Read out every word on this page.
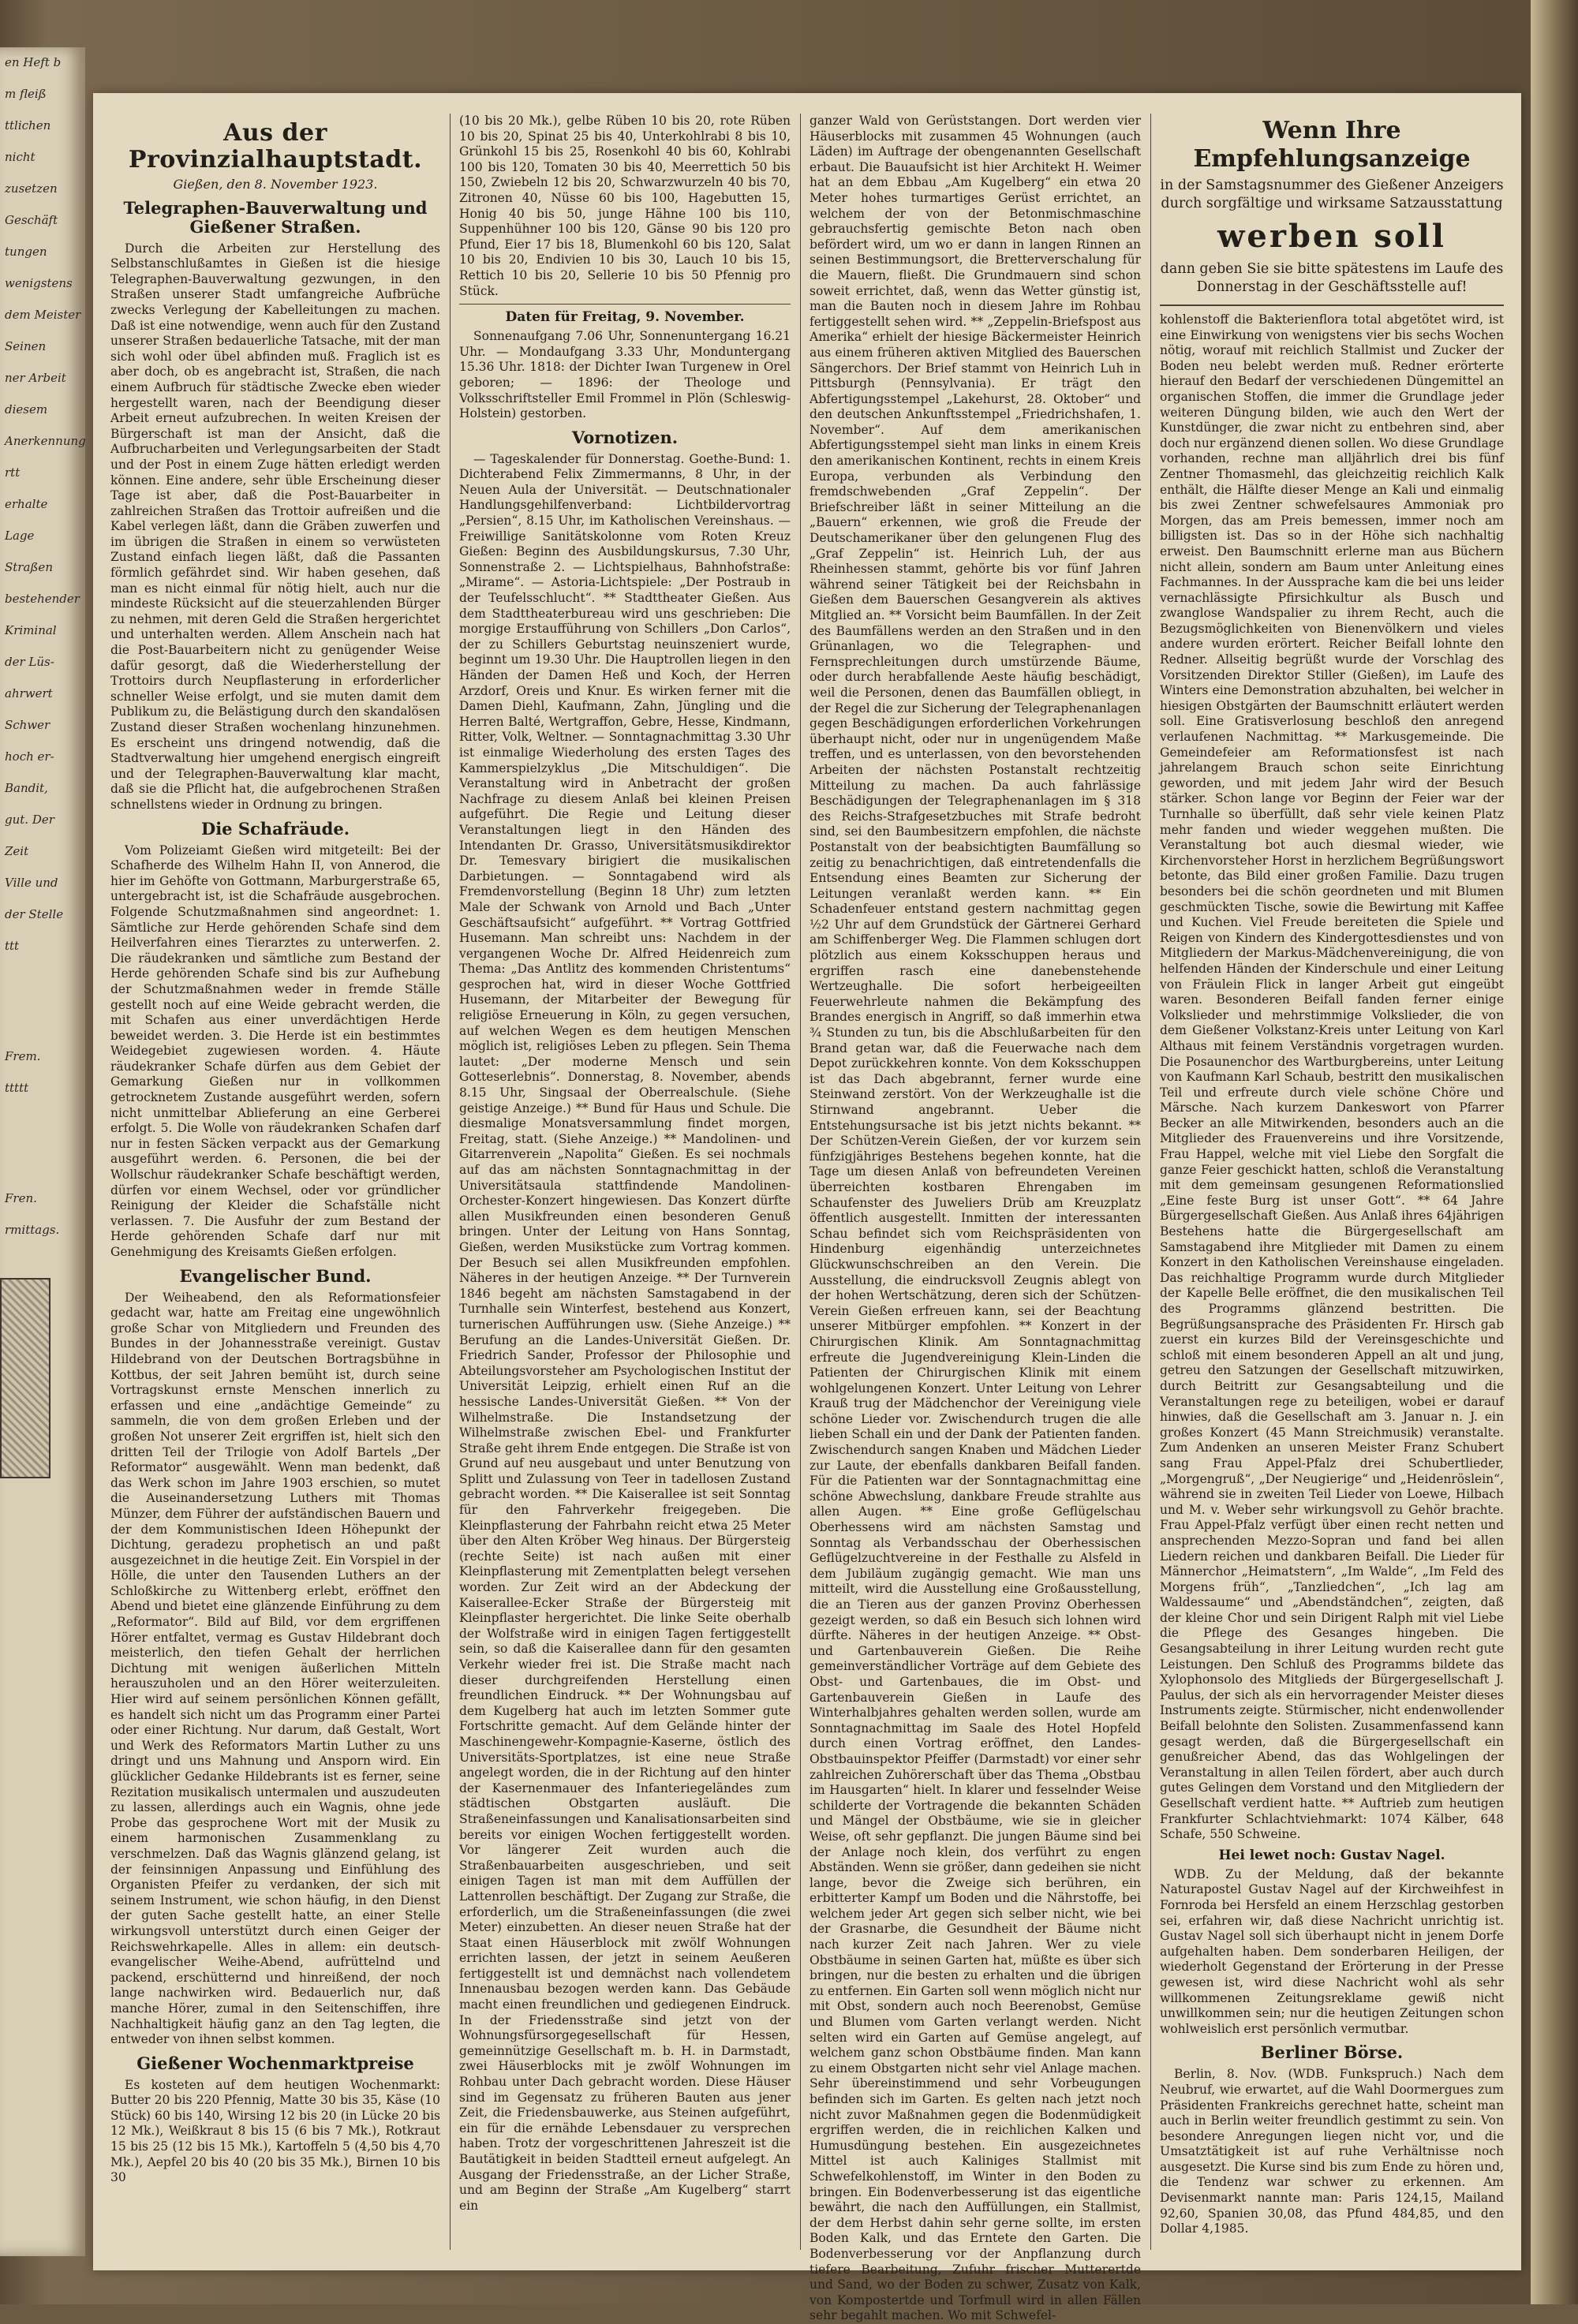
en Heft b
m fleiß
ttlichen
nicht
zusetzen
Geschäft
tungen
wenigstens
dem Meister
Seinen
ner Arbeit
diesem
Anerkennung
rtt
erhalte
Lage
Straßen
bestehender
Kriminal
der Lüs-
ahrwert
Schwer
hoch er-
Bandit,
gut. Der
Zeit
Ville und
der Stelle
ttt
Frem.
ttttt
Fren.
rmittags.
Aus der Provinzialhauptstadt.
Gießen, den 8. November 1923.
Telegraphen-Bauverwaltung und Gießener Straßen.

Durch die Arbeiten zur Herstellung des Selbstanschlußamtes in Gießen ist die hiesige Telegraphen-Bauverwaltung gezwungen, in den Straßen unserer Stadt umfangreiche Aufbrüche zwecks Verlegung der Kabelleitungen zu machen. Daß ist eine notwendige, wenn auch für den Zustand unserer Straßen bedauerliche Tatsache, mit der man sich wohl oder übel abfinden muß. Fraglich ist es aber doch, ob es angebracht ist, Straßen, die nach einem Aufbruch für städtische Zwecke eben wieder hergestellt waren, nach der Beendigung dieser Arbeit erneut aufzubrechen. In weiten Kreisen der Bürgerschaft ist man der Ansicht, daß die Aufbrucharbeiten und Verlegungsarbeiten der Stadt und der Post in einem Zuge hätten erledigt werden können. Eine andere, sehr üble Erscheinung dieser Tage ist aber, daß die Post-Bauarbeiter in zahlreichen Straßen das Trottoir aufreißen und die Kabel verlegen läßt, dann die Gräben zuwerfen und im übrigen die Straßen in einem so verwüsteten Zustand einfach liegen läßt, daß die Passanten förmlich gefährdet sind. Wir haben gesehen, daß man es nicht einmal für nötig hielt, auch nur die mindeste Rücksicht auf die steuerzahlenden Bürger zu nehmen, mit deren Geld die Straßen hergerichtet und unterhalten werden. Allem Anschein nach hat die Post-Bauarbeitern nicht zu genügender Weise dafür gesorgt, daß die Wiederherstellung der Trottoirs durch Neupflasterung in erforderlicher schneller Weise erfolgt, und sie muten damit dem Publikum zu, die Belästigung durch den skandalösen Zustand dieser Straßen wochenlang hinzunehmen. Es erscheint uns dringend notwendig, daß die Stadtverwaltung hier umgehend energisch eingreift und der Telegraphen-Bauverwaltung klar macht, daß sie die Pflicht hat, die aufgebrochenen Straßen schnellstens wieder in Ordnung zu bringen.

Die Schafräude.

Vom Polizeiamt Gießen wird mitgeteilt: Bei der Schafherde des Wilhelm Hahn II, von Annerod, die hier im Gehöfte von Gottmann, Marburgerstraße 65, untergebracht ist, ist die Schafräude ausgebrochen. Folgende Schutzmaßnahmen sind angeordnet: 1. Sämtliche zur Herde gehörenden Schafe sind dem Heilverfahren eines Tierarztes zu unterwerfen. 2. Die räudekranken und sämtliche zum Bestand der Herde gehörenden Schafe sind bis zur Aufhebung der Schutzmaßnahmen weder in fremde Ställe gestellt noch auf eine Weide gebracht werden, die mit Schafen aus einer unverdächtigen Herde beweidet werden. 3. Die Herde ist ein bestimmtes Weidegebiet zugewiesen worden. 4. Häute räudekranker Schafe dürfen aus dem Gebiet der Gemarkung Gießen nur in vollkommen getrocknetem Zustande ausgeführt werden, sofern nicht unmittelbar Ablieferung an eine Gerberei erfolgt. 5. Die Wolle von räudekranken Schafen darf nur in festen Säcken verpackt aus der Gemarkung ausgeführt werden. 6. Personen, die bei der Wollschur räudekranker Schafe beschäftigt werden, dürfen vor einem Wechsel, oder vor gründlicher Reinigung der Kleider die Schafställe nicht verlassen. 7. Die Ausfuhr der zum Bestand der Herde gehörenden Schafe darf nur mit Genehmigung des Kreisamts Gießen erfolgen.

Evangelischer Bund.

Der Weiheabend, den als Reformationsfeier gedacht war, hatte am Freitag eine ungewöhnlich große Schar von Mitgliedern und Freunden des Bundes in der Johannesstraße vereinigt. Gustav Hildebrand von der Deutschen Bortragsbühne in Kottbus, der seit Jahren bemüht ist, durch seine Vortragskunst ernste Menschen innerlich zu erfassen und eine „andächtige Gemeinde“ zu sammeln, die von dem großen Erleben und der großen Not unserer Zeit ergriffen ist, hielt sich den dritten Teil der Trilogie von Adolf Bartels „Der Reformator“ ausgewählt. Wenn man bedenkt, daß das Werk schon im Jahre 1903 erschien, so mutet die Auseinandersetzung Luthers mit Thomas Münzer, dem Führer der aufständischen Bauern und der dem Kommunistischen Ideen Höhepunkt der Dichtung, geradezu prophetisch an und paßt ausgezeichnet in die heutige Zeit. Ein Vorspiel in der Hölle, die unter den Tausenden Luthers an der Schloßkirche zu Wittenberg erlebt, eröffnet den Abend und bietet eine glänzende Einführung zu dem „Reformator“. Bild auf Bild, vor dem ergriffenen Hörer entfaltet, vermag es Gustav Hildebrant doch meisterlich, den tiefen Gehalt der herrlichen Dichtung mit wenigen äußerlichen Mitteln herauszuholen und an den Hörer weiterzuleiten. Hier wird auf seinem persönlichen Können gefällt, es handelt sich nicht um das Programm einer Partei oder einer Richtung. Nur darum, daß Gestalt, Wort und Werk des Reformators Martin Luther zu uns dringt und uns Mahnung und Ansporn wird. Ein glücklicher Gedanke Hildebrants ist es ferner, seine Rezitation musikalisch untermalen und auszudeuten zu lassen, allerdings auch ein Wagnis, ohne jede Probe das gesprochene Wort mit der Musik zu einem harmonischen Zusammenklang zu verschmelzen. Daß das Wagnis glänzend gelang, ist der feinsinnigen Anpassung und Einfühlung des Organisten Pfeifer zu verdanken, der sich mit seinem Instrument, wie schon häufig, in den Dienst der guten Sache gestellt hatte, an einer Stelle wirkungsvoll unterstützt durch einen Geiger der Reichswehrkapelle. Alles in allem: ein deutsch-evangelischer Weihe-Abend, aufrüttelnd und packend, erschütternd und hinreißend, der noch lange nachwirken wird. Bedauerlich nur, daß manche Hörer, zumal in den Seitenschiffen, ihre Nachhaltigkeit häufig ganz an den Tag legten, die entweder von ihnen selbst kommen.

Gießener Wochenmarktpreise

Es kosteten auf dem heutigen Wochenmarkt: Butter 20 bis 220 Pfennig, Matte 30 bis 35, Käse (10 Stück) 60 bis 140, Wirsing 12 bis 20 (in Lücke 20 bis 12 Mk.), Weißkraut 8 bis 15 (6 bis 7 Mk.), Rotkraut 15 bis 25 (12 bis 15 Mk.), Kartoffeln 5 (4,50 bis 4,70 Mk.), Aepfel 20 bis 40 (20 bis 35 Mk.), Birnen 10 bis 30

(10 bis 20 Mk.), gelbe Rüben 10 bis 20, rote Rüben 10 bis 20, Spinat 25 bis 40, Unterkohlrabi 8 bis 10, Grünkohl 15 bis 25, Rosenkohl 40 bis 60, Kohlrabi 100 bis 120, Tomaten 30 bis 40, Meerrettich 50 bis 150, Zwiebeln 12 bis 20, Schwarzwurzeln 40 bis 70, Zitronen 40, Nüsse 60 bis 100, Hagebutten 15, Honig 40 bis 50, junge Hähne 100 bis 110, Suppenhühner 100 bis 120, Gänse 90 bis 120 pro Pfund, Eier 17 bis 18, Blumenkohl 60 bis 120, Salat 10 bis 20, Endivien 10 bis 30, Lauch 10 bis 15, Rettich 10 bis 20, Sellerie 10 bis 50 Pfennig pro Stück.

Daten für Freitag, 9. November.

Sonnenaufgang 7.06 Uhr, Sonnenuntergang 16.21 Uhr. — Mondaufgang 3.33 Uhr, Monduntergang 15.36 Uhr. 1818: der Dichter Iwan Turgenew in Orel geboren; — 1896: der Theologe und Volksschriftsteller Emil Frommel in Plön (Schleswig-Holstein) gestorben.

Vornotizen.

— Tageskalender für Donnerstag. Goethe-Bund: 1. Dichterabend Felix Zimmermanns, 8 Uhr, in der Neuen Aula der Universität. — Deutschnationaler Handlungsgehilfenverband: Lichtbildervortrag „Persien“, 8.15 Uhr, im Katholischen Vereinshaus. — Freiwillige Sanitätskolonne vom Roten Kreuz Gießen: Beginn des Ausbildungskursus, 7.30 Uhr, Sonnenstraße 2. — Lichtspielhaus, Bahnhofstraße: „Mirame“. — Astoria-Lichtspiele: „Der Postraub in der Teufelsschlucht“. ** Stadttheater Gießen. Aus dem Stadttheaterbureau wird uns geschrieben: Die morgige Erstaufführung von Schillers „Don Carlos“, der zu Schillers Geburtstag neuinszeniert wurde, beginnt um 19.30 Uhr. Die Hauptrollen liegen in den Händen der Damen Heß und Koch, der Herren Arzdorf, Oreis und Knur. Es wirken ferner mit die Damen Diehl, Kaufmann, Zahn, Jüngling und die Herren Balté, Wertgraffon, Gebre, Hesse, Kindmann, Ritter, Volk, Weltner. — Sonntagnachmittag 3.30 Uhr ist einmalige Wiederholung des ersten Tages des Kammerspielzyklus „Die Mitschuldigen“. Die Veranstaltung wird in Anbetracht der großen Nachfrage zu diesem Anlaß bei kleinen Preisen aufgeführt. Die Regie und Leitung dieser Veranstaltungen liegt in den Händen des Intendanten Dr. Grasso, Universitätsmusikdirektor Dr. Temesvary birigiert die musikalischen Darbietungen. — Sonntagabend wird als Fremdenvorstellung (Beginn 18 Uhr) zum letzten Male der Schwank von Arnold und Bach „Unter Geschäftsaufsicht“ aufgeführt. ** Vortrag Gottfried Husemann. Man schreibt uns: Nachdem in der vergangenen Woche Dr. Alfred Heidenreich zum Thema: „Das Antlitz des kommenden Christentums“ gesprochen hat, wird in dieser Woche Gottfried Husemann, der Mitarbeiter der Bewegung für religiöse Erneuerung in Köln, zu gegen versuchen, auf welchen Wegen es dem heutigen Menschen möglich ist, religiöses Leben zu pflegen. Sein Thema lautet: „Der moderne Mensch und sein Gotteserlebnis“. Donnerstag, 8. November, abends 8.15 Uhr, Singsaal der Oberrealschule. (Siehe geistige Anzeige.) ** Bund für Haus und Schule. Die diesmalige Monatsversammlung findet morgen, Freitag, statt. (Siehe Anzeige.) ** Mandolinen- und Gitarrenverein „Napolita“ Gießen. Es sei nochmals auf das am nächsten Sonntagnachmittag in der Universitätsaula stattfindende Mandolinen-Orchester-Konzert hingewiesen. Das Konzert dürfte allen Musikfreunden einen besonderen Genuß bringen. Unter der Leitung von Hans Sonntag, Gießen, werden Musikstücke zum Vortrag kommen. Der Besuch sei allen Musikfreunden empfohlen. Näheres in der heutigen Anzeige. ** Der Turnverein 1846 begeht am nächsten Samstagabend in der Turnhalle sein Winterfest, bestehend aus Konzert, turnerischen Aufführungen usw. (Siehe Anzeige.) ** Berufung an die Landes-Universität Gießen. Dr. Friedrich Sander, Professor der Philosophie und Abteilungsvorsteher am Psychologischen Institut der Universität Leipzig, erhielt einen Ruf an die hessische Landes-Universität Gießen. ** Von der Wilhelmstraße. Die Instandsetzung der Wilhelmstraße zwischen Ebel- und Frankfurter Straße geht ihrem Ende entgegen. Die Straße ist von Grund auf neu ausgebaut und unter Benutzung von Splitt und Zulassung von Teer in tadellosen Zustand gebracht worden. ** Die Kaiserallee ist seit Sonntag für den Fahrverkehr freigegeben. Die Kleinpflasterung der Fahrbahn reicht etwa 25 Meter über den Alten Kröber Weg hinaus. Der Bürgersteig (rechte Seite) ist nach außen mit einer Kleinpflasterung mit Zementplatten belegt versehen worden. Zur Zeit wird an der Abdeckung der Kaiserallee-Ecker Straße der Bürgersteig mit Kleinpflaster hergerichtet. Die linke Seite oberhalb der Wolfstraße wird in einigen Tagen fertiggestellt sein, so daß die Kaiserallee dann für den gesamten Verkehr wieder frei ist. Die Straße macht nach dieser durchgreifenden Herstellung einen freundlichen Eindruck. ** Der Wohnungsbau auf dem Kugelberg hat auch im letzten Sommer gute Fortschritte gemacht. Auf dem Gelände hinter der Maschinengewehr-Kompagnie-Kaserne, östlich des Universitäts-Sportplatzes, ist eine neue Straße angelegt worden, die in der Richtung auf den hinter der Kasernenmauer des Infanteriegeländes zum städtischen Obstgarten ausläuft. Die Straßeneinfassungen und Kanalisationsarbeiten sind bereits vor einigen Wochen fertiggestellt worden. Vor längerer Zeit wurden auch die Straßenbauarbeiten ausgeschrieben, und seit einigen Tagen ist man mit dem Auffüllen der Lattenrollen beschäftigt. Der Zugang zur Straße, die erforderlich, um die Straßeneinfassungen (die zwei Meter) einzubetten. An dieser neuen Straße hat der Staat einen Häuserblock mit zwölf Wohnungen errichten lassen, der jetzt in seinem Aeußeren fertiggestellt ist und demnächst nach vollendetem Innenausbau bezogen werden kann. Das Gebäude macht einen freundlichen und gediegenen Eindruck. In der Friedensstraße sind jetzt von der Wohnungsfürsorgegesellschaft für Hessen, gemeinnützige Gesellschaft m. b. H. in Darmstadt, zwei Häuserblocks mit je zwölf Wohnungen im Rohbau unter Dach gebracht worden. Diese Häuser sind im Gegensatz zu früheren Bauten aus jener Zeit, die Friedensbauwerke, aus Steinen aufgeführt, ein für die ernähde Lebensdauer zu versprechen haben. Trotz der vorgeschrittenen Jahreszeit ist die Bautätigkeit in beiden Stadtteil erneut aufgelegt. An Ausgang der Friedensstraße, an der Licher Straße, und am Beginn der Straße „Am Kugelberg“ starrt ein

ganzer Wald von Gerüststangen. Dort werden vier Häuserblocks mit zusammen 45 Wohnungen (auch Läden) im Auftrage der obengenannten Gesellschaft erbaut. Die Bauaufsicht ist hier Architekt H. Weimer hat an dem Ebbau „Am Kugelberg“ ein etwa 20 Meter hohes turmartiges Gerüst errichtet, an welchem der von der Betonmischmaschine gebrauchsfertig gemischte Beton nach oben befördert wird, um wo er dann in langen Rinnen an seinen Bestimmungsort, die Bretterverschalung für die Mauern, fließt. Die Grundmauern sind schon soweit errichtet, daß, wenn das Wetter günstig ist, man die Bauten noch in diesem Jahre im Rohbau fertiggestellt sehen wird. ** „Zeppelin-Briefspost aus Amerika“ erhielt der hiesige Bäckermeister Heinrich aus einem früheren aktiven Mitglied des Bauerschen Sängerchors. Der Brief stammt von Heinrich Luh in Pittsburgh (Pennsylvania). Er trägt den Abfertigungsstempel „Lakehurst, 28. Oktober“ und den deutschen Ankunftsstempel „Friedrichshafen, 1. November“. Auf dem amerikanischen Abfertigungsstempel sieht man links in einem Kreis den amerikanischen Kontinent, rechts in einem Kreis Europa, verbunden als Verbindung den fremdschwebenden „Graf Zeppelin“. Der Briefschreiber läßt in seiner Mitteilung an die „Bauern“ erkennen, wie groß die Freude der Deutschamerikaner über den gelungenen Flug des „Graf Zeppelin“ ist. Heinrich Luh, der aus Rheinhessen stammt, gehörte bis vor fünf Jahren während seiner Tätigkeit bei der Reichsbahn in Gießen dem Bauerschen Gesangverein als aktives Mitglied an. ** Vorsicht beim Baumfällen. In der Zeit des Baumfällens werden an den Straßen und in den Grünanlagen, wo die Telegraphen- und Fernsprechleitungen durch umstürzende Bäume, oder durch herabfallende Aeste häufig beschädigt, weil die Personen, denen das Baumfällen obliegt, in der Regel die zur Sicherung der Telegraphenanlagen gegen Beschädigungen erforderlichen Vorkehrungen überhaupt nicht, oder nur in ungenügendem Maße treffen, und es unterlassen, von den bevorstehenden Arbeiten der nächsten Postanstalt rechtzeitig Mitteilung zu machen. Da auch fahrlässige Beschädigungen der Telegraphenanlagen im § 318 des Reichs-Strafgesetzbuches mit Strafe bedroht sind, sei den Baumbesitzern empfohlen, die nächste Postanstalt von der beabsichtigten Baumfällung so zeitig zu benachrichtigen, daß eintretendenfalls die Entsendung eines Beamten zur Sicherung der Leitungen veranlaßt werden kann. ** Ein Schadenfeuer entstand gestern nachmittag gegen ½2 Uhr auf dem Grundstück der Gärtnerei Gerhard am Schiffenberger Weg. Die Flammen schlugen dort plötzlich aus einem Koksschuppen heraus und ergriffen rasch eine danebenstehende Wertzeughalle. Die sofort herbeigeeilten Feuerwehrleute nahmen die Bekämpfung des Brandes energisch in Angriff, so daß immerhin etwa ¾ Stunden zu tun, bis die Abschlußarbeiten für den Brand getan war, daß die Feuerwache nach dem Depot zurückkehren konnte. Von dem Koksschuppen ist das Dach abgebrannt, ferner wurde eine Steinwand zerstört. Von der Werkzeughalle ist die Stirnwand angebrannt. Ueber die Entstehungsursache ist bis jetzt nichts bekannt. ** Der Schützen-Verein Gießen, der vor kurzem sein fünfzigjähriges Bestehens begehen konnte, hat die Tage um diesen Anlaß von befreundeten Vereinen überreichten kostbaren Ehrengaben im Schaufenster des Juweliers Drüb am Kreuzplatz öffentlich ausgestellt. Inmitten der interessanten Schau befindet sich vom Reichspräsidenten von Hindenburg eigenhändig unterzeichnetes Glückwunschschreiben an den Verein. Die Ausstellung, die eindrucksvoll Zeugnis ablegt von der hohen Wertschätzung, deren sich der Schützen-Verein Gießen erfreuen kann, sei der Beachtung unserer Mitbürger empfohlen. ** Konzert in der Chirurgischen Klinik. Am Sonntagnachmittag erfreute die Jugendvereinigung Klein-Linden die Patienten der Chirurgischen Klinik mit einem wohlgelungenen Konzert. Unter Leitung von Lehrer Krauß trug der Mädchenchor der Vereinigung viele schöne Lieder vor. Zwischendurch trugen die alle lieben Schall ein und der Dank der Patienten fanden. Zwischendurch sangen Knaben und Mädchen Lieder zur Laute, der ebenfalls dankbaren Beifall fanden. Für die Patienten war der Sonntagnachmittag eine schöne Abwechslung, dankbare Freude strahlte aus allen Augen. ** Eine große Geflügelschau Oberhessens wird am nächsten Samstag und Sonntag als Verbandsschau der Oberhessischen Geflügelzuchtvereine in der Festhalle zu Alsfeld in dem Jubiläum zugängig gemacht. Wie man uns mitteilt, wird die Ausstellung eine Großausstellung, die an Tieren aus der ganzen Provinz Oberhessen gezeigt werden, so daß ein Besuch sich lohnen wird dürfte. Näheres in der heutigen Anzeige. ** Obst- und Gartenbauverein Gießen. Die Reihe gemeinverständlicher Vorträge auf dem Gebiete des Obst- und Gartenbaues, die im Obst- und Gartenbauverein Gießen in Laufe des Winterhalbjahres gehalten werden sollen, wurde am Sonntagnachmittag im Saale des Hotel Hopfeld durch einen Vortrag eröffnet, den Landes-Obstbauinspektor Pfeiffer (Darmstadt) vor einer sehr zahlreichen Zuhörerschaft über das Thema „Obstbau im Hausgarten“ hielt. In klarer und fesselnder Weise schilderte der Vortragende die bekannten Schäden und Mängel der Obstbäume, wie sie in gleicher Weise, oft sehr gepflanzt. Die jungen Bäume sind bei der Anlage noch klein, dos verführt zu engen Abständen. Wenn sie größer, dann gedeihen sie nicht lange, bevor die Zweige sich berühren, ein erbitterter Kampf um Boden und die Nährstoffe, bei welchem jeder Art gegen sich selber nicht, wie bei der Grasnarbe, die Gesundheit der Bäume nicht nach kurzer Zeit nach Jahren. Wer zu viele Obstbäume in seinen Garten hat, müßte es über sich bringen, nur die besten zu erhalten und die übrigen zu entfernen. Ein Garten soll wenn möglich nicht nur mit Obst, sondern auch noch Beerenobst, Gemüse und Blumen vom Garten verlangt werden. Nicht selten wird ein Garten auf Gemüse angelegt, auf welchem ganz schon Obstbäume finden. Man kann zu einem Obstgarten nicht sehr viel Anlage machen. Sehr übereinstimmend und sehr Vorbeugungen befinden sich im Garten. Es gelten nach jetzt noch nicht zuvor Maßnahmen gegen die Bodenmüdigkeit ergriffen werden, die in reichlichen Kalken und Humusdüngung bestehen. Ein ausgezeichnetes Mittel ist auch Kaliniges Stallmist mit Schwefelkohlenstoff, im Winter in den Boden zu bringen. Ein Bodenverbesserung ist das eigentliche bewährt, die nach den Auffüllungen, ein Stallmist, der dem Herbst dahin sehr gerne sollte, im ersten Boden Kalk, und das Erntete den Garten. Die Bodenverbesserung vor der Anpflanzung durch tiefere Bearbeitung, Zufuhr frischer Mutterertde und Sand, wo der Boden zu schwer, Zusatz von Kalk, von Kompostertde und Torfmull wird in allen Fällen sehr begahlt machen. Wo mit Schwefel-

Wenn Ihre Empfehlungsanzeige
in der Samstagsnummer des Gießener Anzeigers
durch sorgfältige und wirksame Satzausstattung
werben soll
dann geben Sie sie bitte spätestens im Laufe des
Donnerstag in der Geschäftsstelle auf!

kohlenstoff die Bakterienflora total abgetötet wird, ist eine Einwirkung von wenigstens vier bis sechs Wochen nötig, worauf mit reichlich Stallmist und Zucker der Boden neu belebt werden muß. Redner erörterte hierauf den Bedarf der verschiedenen Düngemittel an organischen Stoffen, die immer die Grundlage jeder weiteren Düngung bilden, wie auch den Wert der Kunstdünger, die zwar nicht zu entbehren sind, aber doch nur ergänzend dienen sollen. Wo diese Grundlage vorhanden, rechne man alljährlich drei bis fünf Zentner Thomasmehl, das gleichzeitig reichlich Kalk enthält, die Hälfte dieser Menge an Kali und einmalig bis zwei Zentner schwefelsaures Ammoniak pro Morgen, das am Preis bemessen, immer noch am billigsten ist. Das so in der Höhe sich nachhaltig erweist. Den Baumschnitt erlerne man aus Büchern nicht allein, sondern am Baum unter Anleitung eines Fachmannes. In der Aussprache kam die bei uns leider vernachlässigte Pfirsichkultur als Busch und zwanglose Wandspalier zu ihrem Recht, auch die Bezugsmöglichkeiten von Bienenvölkern und vieles andere wurden erörtert. Reicher Beifall lohnte den Redner. Allseitig begrüßt wurde der Vorschlag des Vorsitzenden Direktor Stiller (Gießen), im Laufe des Winters eine Demonstration abzuhalten, bei welcher in hiesigen Obstgärten der Baumschnitt erläutert werden soll. Eine Gratisverlosung beschloß den anregend verlaufenen Nachmittag. ** Markusgemeinde. Die Gemeindefeier am Reformationsfest ist nach jahrelangem Brauch schon seite Einrichtung geworden, und mit jedem Jahr wird der Besuch stärker. Schon lange vor Beginn der Feier war der Turnhalle so überfüllt, daß sehr viele keinen Platz mehr fanden und wieder weggehen mußten. Die Veranstaltung bot auch diesmal wieder, wie Kirchenvorsteher Horst in herzlichem Begrüßungswort betonte, das Bild einer großen Familie. Dazu trugen besonders bei die schön geordneten und mit Blumen geschmückten Tische, sowie die Bewirtung mit Kaffee und Kuchen. Viel Freude bereiteten die Spiele und Reigen von Kindern des Kindergottesdienstes und von Mitgliedern der Markus-Mädchenvereinigung, die von helfenden Händen der Kinderschule und einer Leitung von Fräulein Flick in langer Arbeit gut eingeübt waren. Besonderen Beifall fanden ferner einige Volkslieder und mehrstimmige Volkslieder, die von dem Gießener Volkstanz-Kreis unter Leitung von Karl Althaus mit feinem Verständnis vorgetragen wurden. Die Posaunenchor des Wartburgbereins, unter Leitung von Kaufmann Karl Schaub, bestritt den musikalischen Teil und erfreute durch viele schöne Chöre und Märsche. Nach kurzem Dankeswort von Pfarrer Becker an alle Mitwirkenden, besonders auch an die Mitglieder des Frauenvereins und ihre Vorsitzende, Frau Happel, welche mit viel Liebe den Sorgfalt die ganze Feier geschickt hatten, schloß die Veranstaltung mit dem gemeinsam gesungenen Reformationslied „Eine feste Burg ist unser Gott“. ** 64 Jahre Bürgergesellschaft Gießen. Aus Anlaß ihres 64jährigen Bestehens hatte die Bürgergesellschaft am Samstagabend ihre Mitglieder mit Damen zu einem Konzert in den Katholischen Vereinshause eingeladen. Das reichhaltige Programm wurde durch Mitglieder der Kapelle Belle eröffnet, die den musikalischen Teil des Programms glänzend bestritten. Die Begrüßungsansprache des Präsidenten Fr. Hirsch gab zuerst ein kurzes Bild der Vereinsgeschichte und schloß mit einem besonderen Appell an alt und jung, getreu den Satzungen der Gesellschaft mitzuwirken, durch Beitritt zur Gesangsabteilung und die Veranstaltungen rege zu beteiligen, wobei er darauf hinwies, daß die Gesellschaft am 3. Januar n. J. ein großes Konzert (45 Mann Streichmusik) veranstalte. Zum Andenken an unseren Meister Franz Schubert sang Frau Appel-Pfalz drei Schubertlieder, „Morgengruß“, „Der Neugierige“ und „Heidenröslein“, während sie in zweiten Teil Lieder von Loewe, Hilbach und M. v. Weber sehr wirkungsvoll zu Gehör brachte. Frau Appel-Pfalz verfügt über einen recht netten und ansprechenden Mezzo-Sopran und fand bei allen Liedern reichen und dankbaren Beifall. Die Lieder für Männerchor „Heimatstern“, „Im Walde“, „Im Feld des Morgens früh“, „Tanzliedchen“, „Ich lag am Waldessaume“ und „Abendständchen“, zeigten, daß der kleine Chor und sein Dirigent Ralph mit viel Liebe die Pflege des Gesanges hingeben. Die Gesangsabteilung in ihrer Leitung wurden recht gute Leistungen. Den Schluß des Programms bildete das Xylophonsolo des Mitglieds der Bürgergesellschaft J. Paulus, der sich als ein hervorragender Meister dieses Instruments zeigte. Stürmischer, nicht endenwollender Beifall belohnte den Solisten. Zusammenfassend kann gesagt werden, daß die Bürgergesellschaft ein genußreicher Abend, das das Wohlgelingen der Veranstaltung in allen Teilen fördert, aber auch durch gutes Gelingen dem Vorstand und den Mitgliedern der Gesellschaft verdient hatte. ** Auftrieb zum heutigen Frankfurter Schlachtviehmarkt: 1074 Kälber, 648 Schafe, 550 Schweine.

Hei lewet noch: Gustav Nagel.

WDB. Zu der Meldung, daß der bekannte Naturapostel Gustav Nagel auf der Kirchweihfest in Fornroda bei Hersfeld an einem Herzschlag gestorben sei, erfahren wir, daß diese Nachricht unrichtig ist. Gustav Nagel soll sich überhaupt nicht in jenem Dorfe aufgehalten haben. Dem sonderbaren Heiligen, der wiederholt Gegenstand der Erörterung in der Presse gewesen ist, wird diese Nachricht wohl als sehr willkommenen Zeitungsreklame gewiß nicht unwillkommen sein; nur die heutigen Zeitungen schon wohlweislich erst persönlich vermutbar.

Berliner Börse.

Berlin, 8. Nov. (WDB. Funkspruch.) Nach dem Neubruf, wie erwartet, auf die Wahl Doormergues zum Präsidenten Frankreichs gerechnet hatte, scheint man auch in Berlin weiter freundlich gestimmt zu sein. Von besondere Anregungen liegen nicht vor, und die Umsatztätigkeit ist auf ruhe Verhältnisse noch ausgesetzt. Die Kurse sind bis zum Ende zu hören und, die Tendenz war schwer zu erkennen. Am Devisenmarkt nannte man: Paris 124,15, Mailand 92,60, Spanien 30,08, das Pfund 484,85, und den Dollar 4,1985.
